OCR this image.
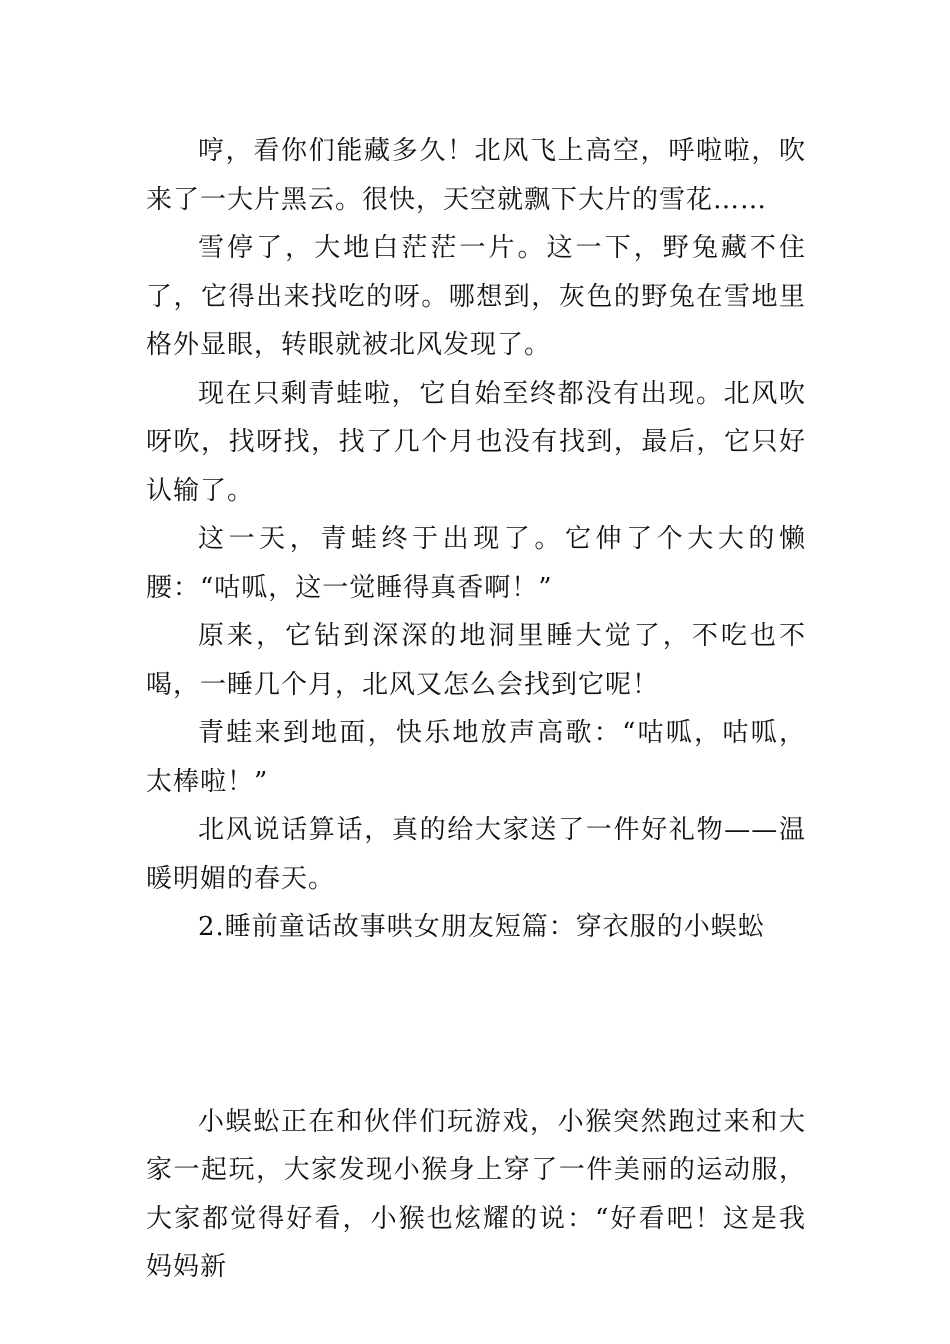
哼，看你们能藏多久！北风飞上高空，呼啦啦，吹来了一大片黑云。很快，天空就飘下大片的雪花……

雪停了，大地白茫茫一片。这一下，野兔藏不住了，它得出来找吃的呀。哪想到，灰色的野兔在雪地里格外显眼，转眼就被北风发现了。

现在只剩青蛙啦，它自始至终都没有出现。北风吹呀吹，找呀找，找了几个月也没有找到，最后，它只好认输了。

这一天，青蛙终于出现了。它伸了个大大的懒腰：“咕呱，这一觉睡得真香啊！”

原来，它钻到深深的地洞里睡大觉了，不吃也不喝，一睡几个月，北风又怎么会找到它呢！

青蛙来到地面，快乐地放声高歌：“咕呱，咕呱，太棒啦！”

北风说话算话，真的给大家送了一件好礼物——温暖明媚的春天。

2.睡前童话故事哄女朋友短篇：穿衣服的小蜈蚣

小蜈蚣正在和伙伴们玩游戏，小猴突然跑过来和大家一起玩，大家发现小猴身上穿了一件美丽的运动服，大家都觉得好看，小猴也炫耀的说：“好看吧！这是我妈妈新
